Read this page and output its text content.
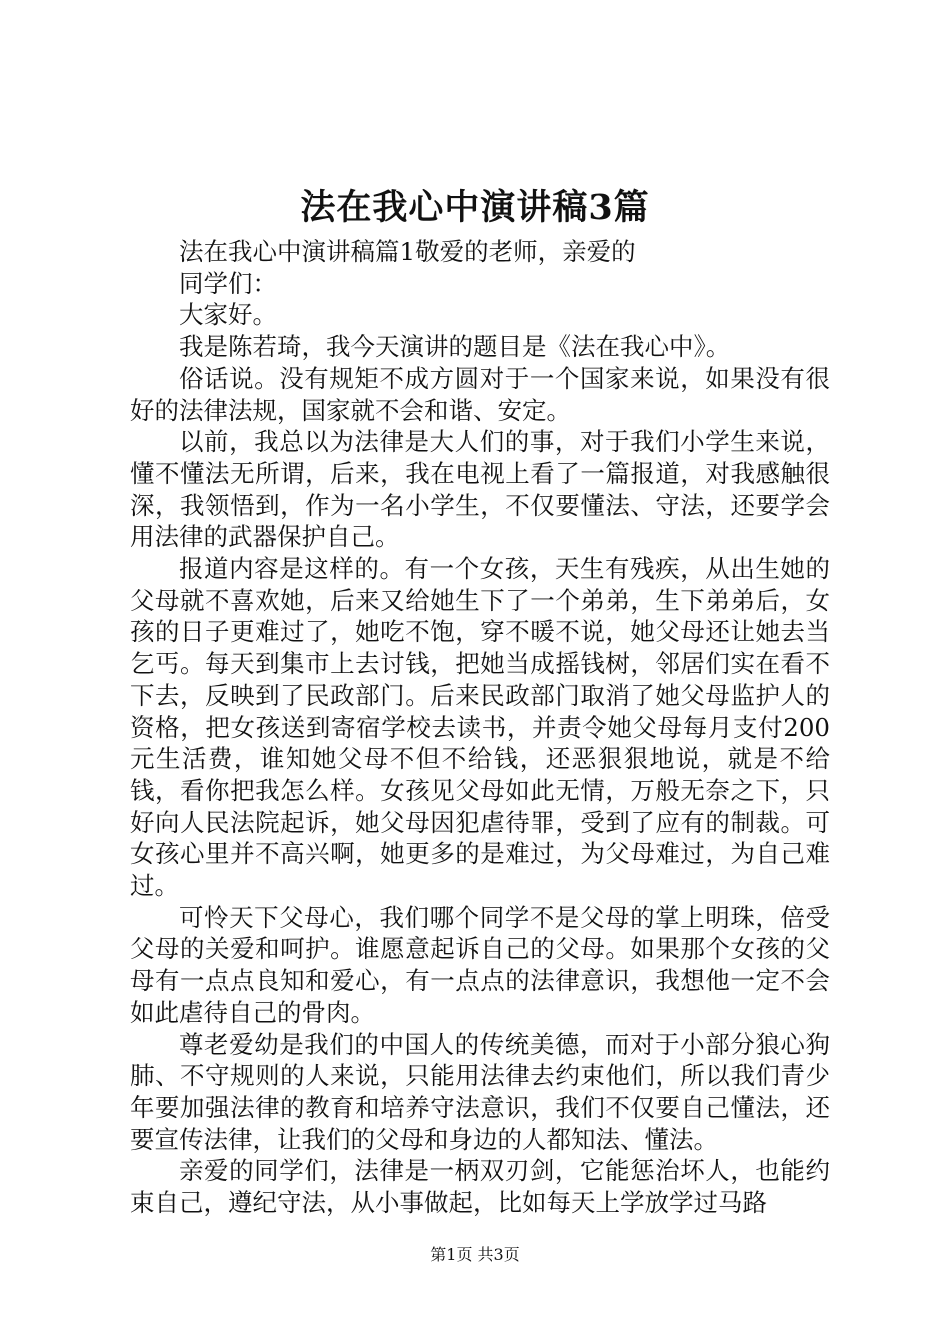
法在我心中演讲稿3篇

法在我心中演讲稿篇1敬爱的老师，亲爱的

同学们：

大家好。

我是陈若琦，我今天演讲的题目是《法在我心中》。

俗话说。没有规矩不成方圆对于一个国家来说，如果没有很好的法律法规，国家就不会和谐、安定。

以前，我总以为法律是大人们的事，对于我们小学生来说，懂不懂法无所谓，后来，我在电视上看了一篇报道，对我感触很深，我领悟到，作为一名小学生，不仅要懂法、守法，还要学会用法律的武器保护自己。

报道内容是这样的。有一个女孩，天生有残疾，从出生她的父母就不喜欢她，后来又给她生下了一个弟弟，生下弟弟后，女孩的日子更难过了，她吃不饱，穿不暖不说，她父母还让她去当乞丐。每天到集市上去讨钱，把她当成摇钱树，邻居们实在看不下去，反映到了民政部门。后来民政部门取消了她父母监护人的资格，把女孩送到寄宿学校去读书，并责令她父母每月支付200元生活费，谁知她父母不但不给钱，还恶狠狠地说，就是不给钱，看你把我怎么样。女孩见父母如此无情，万般无奈之下，只好向人民法院起诉，她父母因犯虐待罪，受到了应有的制裁。可女孩心里并不高兴啊，她更多的是难过，为父母难过，为自己难过。

可怜天下父母心，我们哪个同学不是父母的掌上明珠，倍受父母的关爱和呵护。谁愿意起诉自己的父母。如果那个女孩的父母有一点点良知和爱心，有一点点的法律意识，我想他一定不会如此虐待自己的骨肉。

尊老爱幼是我们的中国人的传统美德，而对于小部分狼心狗肺、不守规则的人来说，只能用法律去约束他们，所以我们青少年要加强法律的教育和培养守法意识，我们不仅要自己懂法，还要宣传法律，让我们的父母和身边的人都知法、懂法。

亲爱的同学们，法律是一柄双刃剑，它能惩治坏人，也能约束自己，遵纪守法，从小事做起，比如每天上学放学过马路

第1页 共3页
